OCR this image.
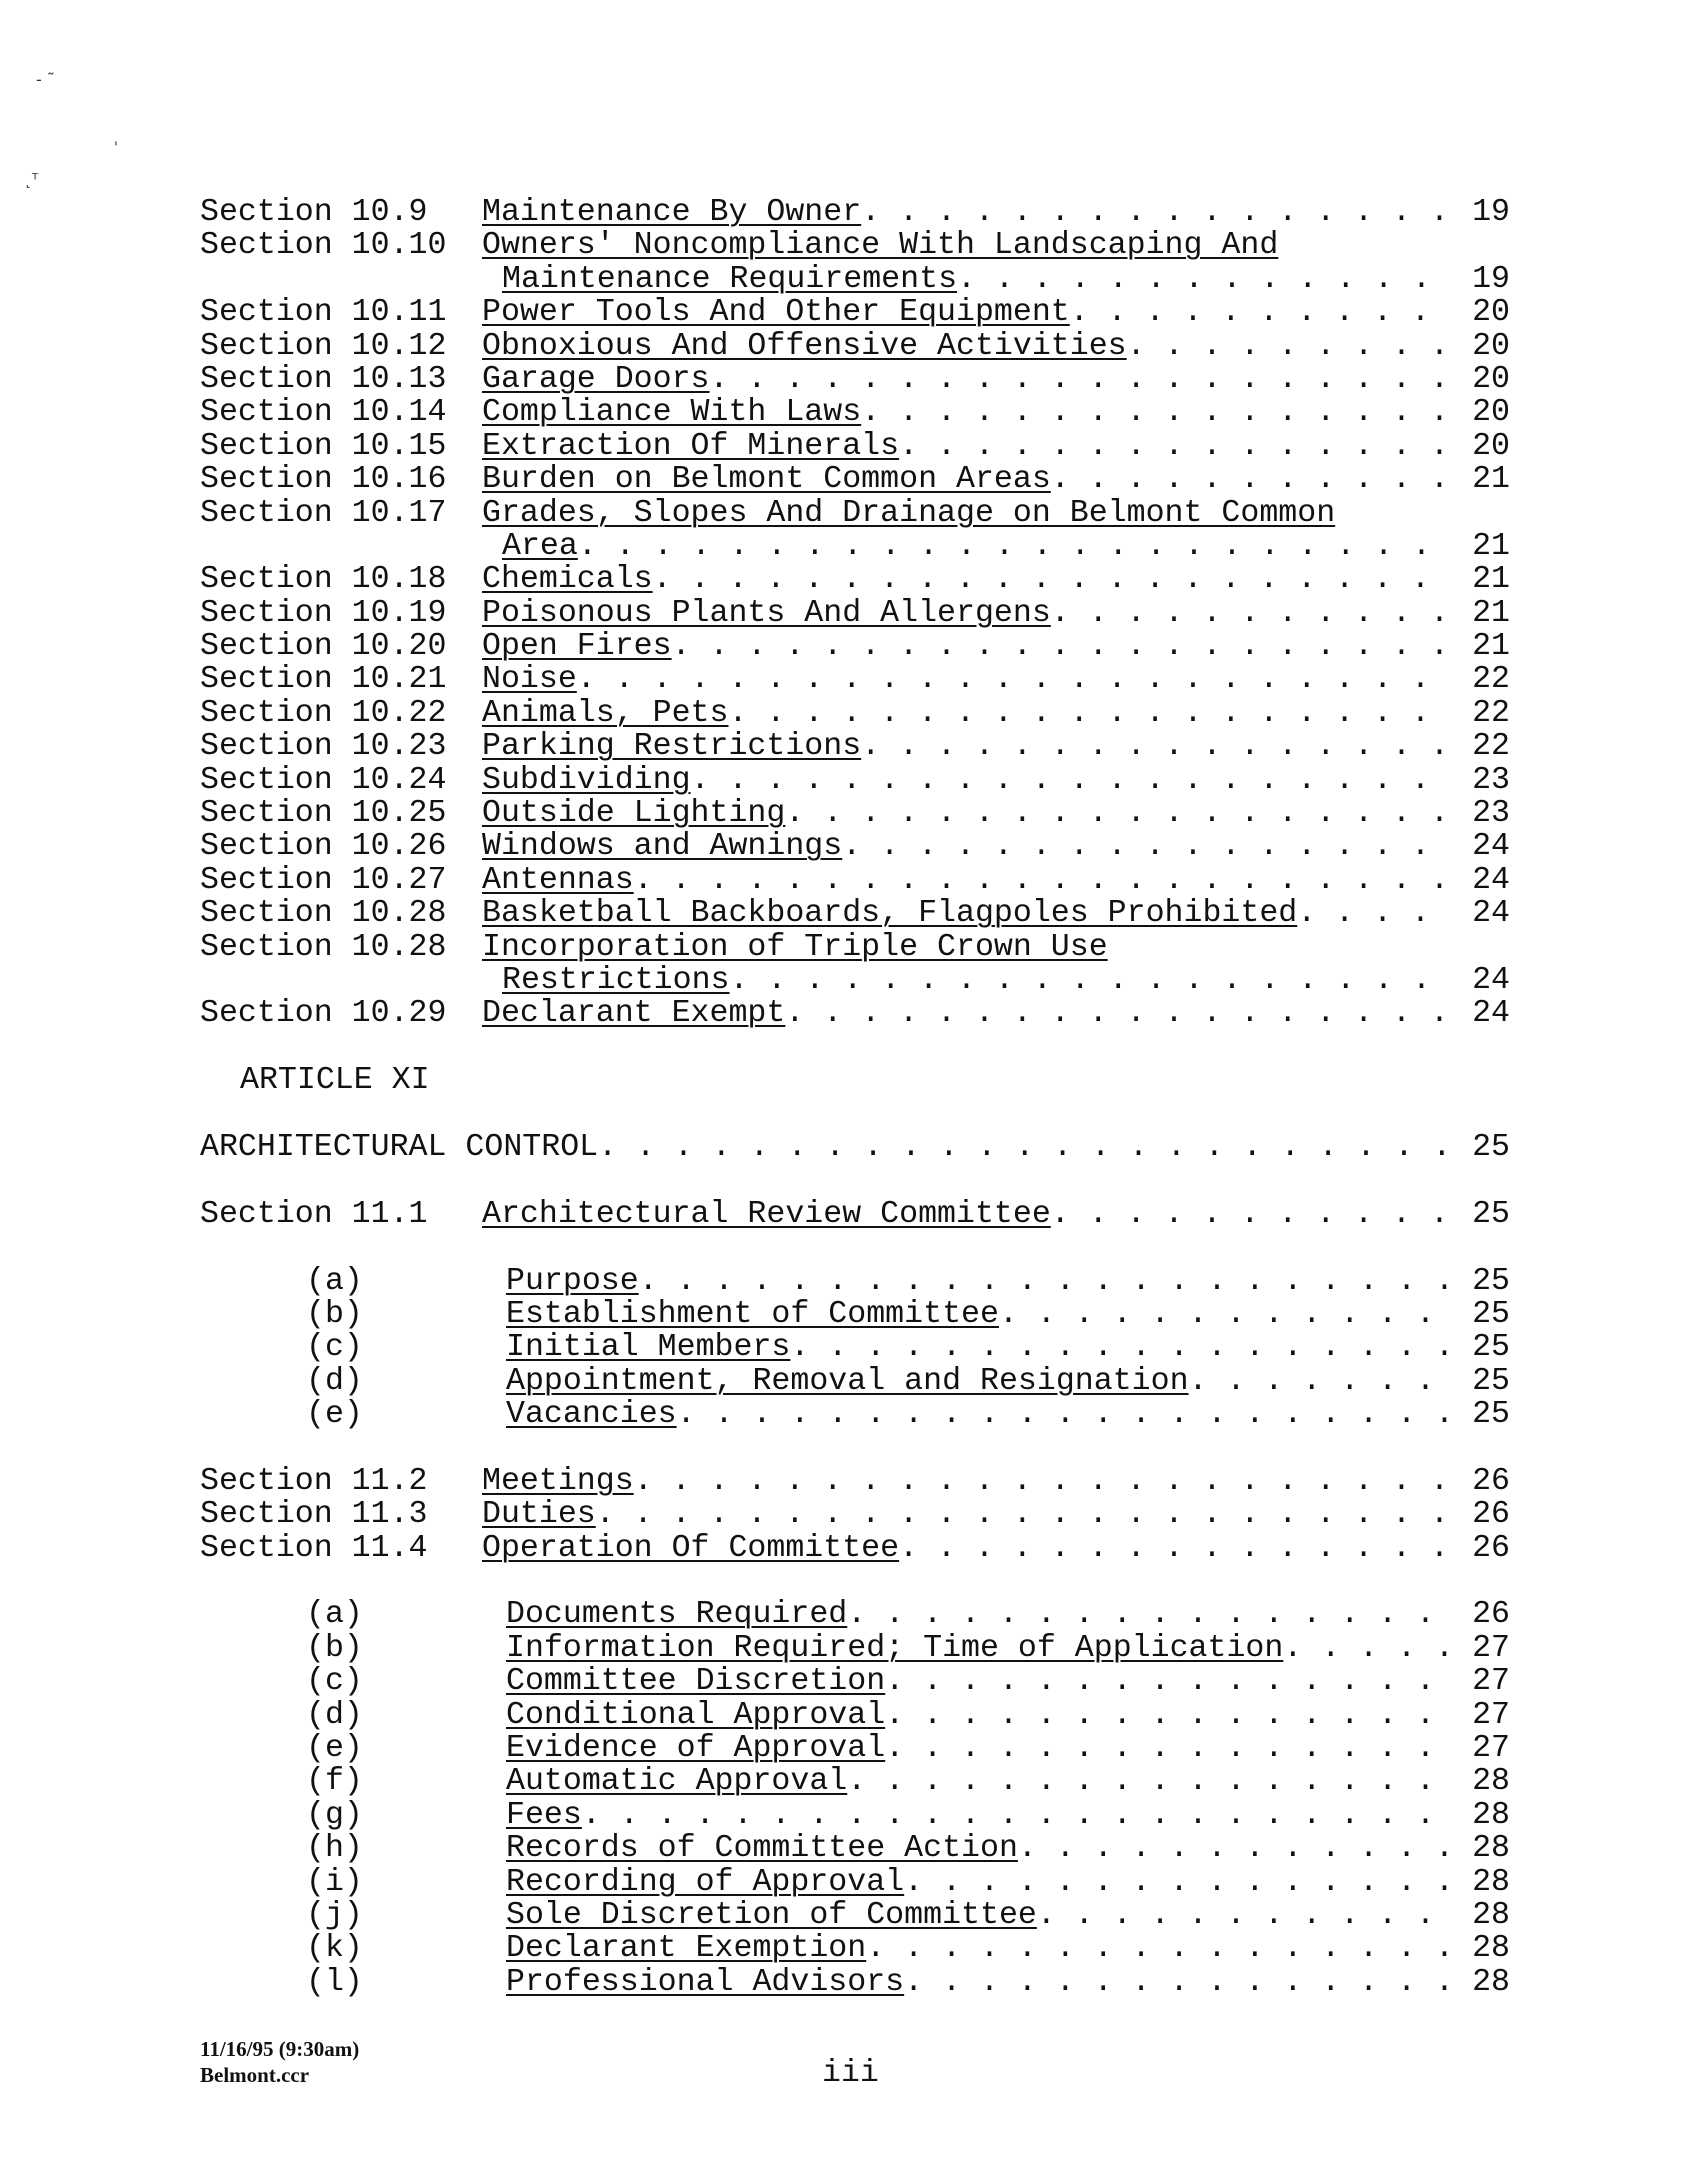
- ˜
'
˛ᵀ
Section 10.9	Maintenance By Owner . . .	19
Section 10.10	Owners' Noncompliance With Landscaping And
Maintenance Requirements . . .	19
Section 10.11	Power Tools And Other Equipment . . .	20
Section 10.12	Obnoxious And Offensive Activities . . .	20
Section 10.13	Garage Doors . . .	20
Section 10.14	Compliance With Laws . . .	20
Section 10.15	Extraction Of Minerals . . .	20
Section 10.16	Burden on Belmont Common Areas . . .	21
Section 10.17	Grades, Slopes And Drainage on Belmont Common
Area . . .	21
Section 10.18	Chemicals . . .	21
Section 10.19	Poisonous Plants And Allergens . . .	21
Section 10.20	Open Fires . . .	21
Section 10.21	Noise . . .	22
Section 10.22	Animals, Pets . . .	22
Section 10.23	Parking Restrictions . . .	22
Section 10.24	Subdividing . . .	23
Section 10.25	Outside Lighting . . .	23
Section 10.26	Windows and Awnings . . .	24
Section 10.27	Antennas . . .	24
Section 10.28	Basketball Backboards, Flagpoles Prohibited . . .	24
Section 10.28	Incorporation of Triple Crown Use
Restrictions . . .	24
Section 10.29	Declarant Exempt . . .	24
ARTICLE XI
ARCHITECTURAL CONTROL . . .	25
Section 11.1	Architectural Review Committee . . .	25
(a)	Purpose . . .	25
(b)	Establishment of Committee . . .	25
(c)	Initial Members . . .	25
(d)	Appointment, Removal and Resignation . . .	25
(e)	Vacancies . . .	25
Section 11.2	Meetings . . .	26
Section 11.3	Duties . . .	26
Section 11.4	Operation Of Committee . . .	26
(a)	Documents Required . . .	26
(b)	Information Required; Time of Application . . .	27
(c)	Committee Discretion . . .	27
(d)	Conditional Approval . . .	27
(e)	Evidence of Approval . . .	27
(f)	Automatic Approval . . .	28
(g)	Fees . . .	28
(h)	Records of Committee Action . . .	28
(i)	Recording of Approval . . .	28
(j)	Sole Discretion of Committee . . .	28
(k)	Declarant Exemption . . .	28
(l)	Professional Advisors . . .	28
11/16/95 (9:30am)
Belmont.ccr	iii
